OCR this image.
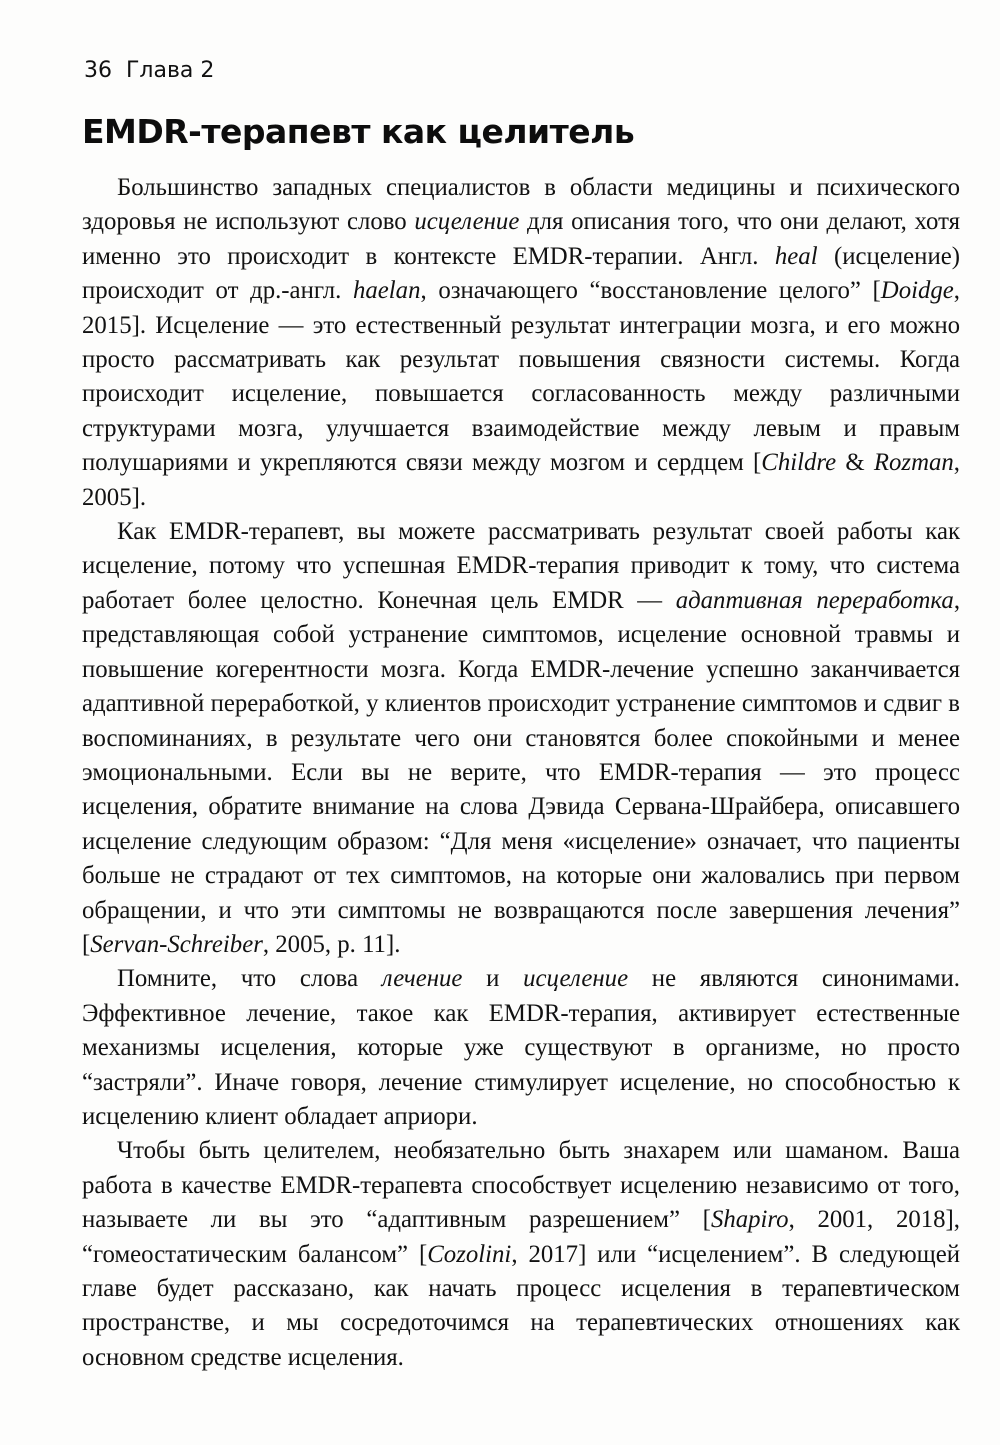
36 Глава 2
EMDR-терапевт как целитель

Большинство западных специалистов в области медицины и психического здоровья не используют слово исцеление для описания того, что они делают, хотя именно это происходит в контексте EMDR-терапии. Англ. heal (исцеление) происходит от др.-англ. haelan, означающего “восстановление целого” [Doidge, 2015]. Исцеление — это естественный результат интеграции мозга, и его можно просто рассматривать как результат повышения связности системы. Когда происходит исцеление, повышается согласованность между различными структурами мозга, улучшается взаимодействие между левым и правым полушариями и укрепляются связи между мозгом и сердцем [Childre & Rozman, 2005].

Как EMDR-терапевт, вы можете рассматривать результат своей работы как исцеление, потому что успешная EMDR-терапия приводит к тому, что система работает более целостно. Конечная цель EMDR — адаптивная переработка, представляющая собой устранение симптомов, исцеление основной травмы и повышение когерентности мозга. Когда EMDR-лечение успешно заканчивается адаптивной переработкой, у клиентов происходит устранение симптомов и сдвиг в воспоминаниях, в результате чего они становятся более спокойными и менее эмоциональными. Если вы не верите, что EMDR-терапия — это процесс исцеления, обратите внимание на слова Дэвида Сервана-Шрайбера, описавшего исцеление следующим образом: “Для меня «исцеление» означает, что пациенты больше не страдают от тех симптомов, на которые они жаловались при первом обращении, и что эти симптомы не возвращаются после завершения лечения” [Servan-Schreiber, 2005, p. 11].

Помните, что слова лечение и исцеление не являются синонимами. Эффективное лечение, такое как EMDR-терапия, активирует естественные механизмы исцеления, которые уже существуют в организме, но просто “застряли”. Иначе говоря, лечение стимулирует исцеление, но способностью к исцелению клиент обладает априори.

Чтобы быть целителем, необязательно быть знахарем или шаманом. Ваша работа в качестве EMDR-терапевта способствует исцелению независимо от того, называете ли вы это “адаптивным разрешением” [Shapiro, 2001, 2018], “гомеостатическим балансом” [Cozolini, 2017] или “исцелением”. В следующей главе будет рассказано, как начать процесс исцеления в терапевтическом пространстве, и мы сосредоточимся на терапевтических отношениях как основном средстве исцеления.
